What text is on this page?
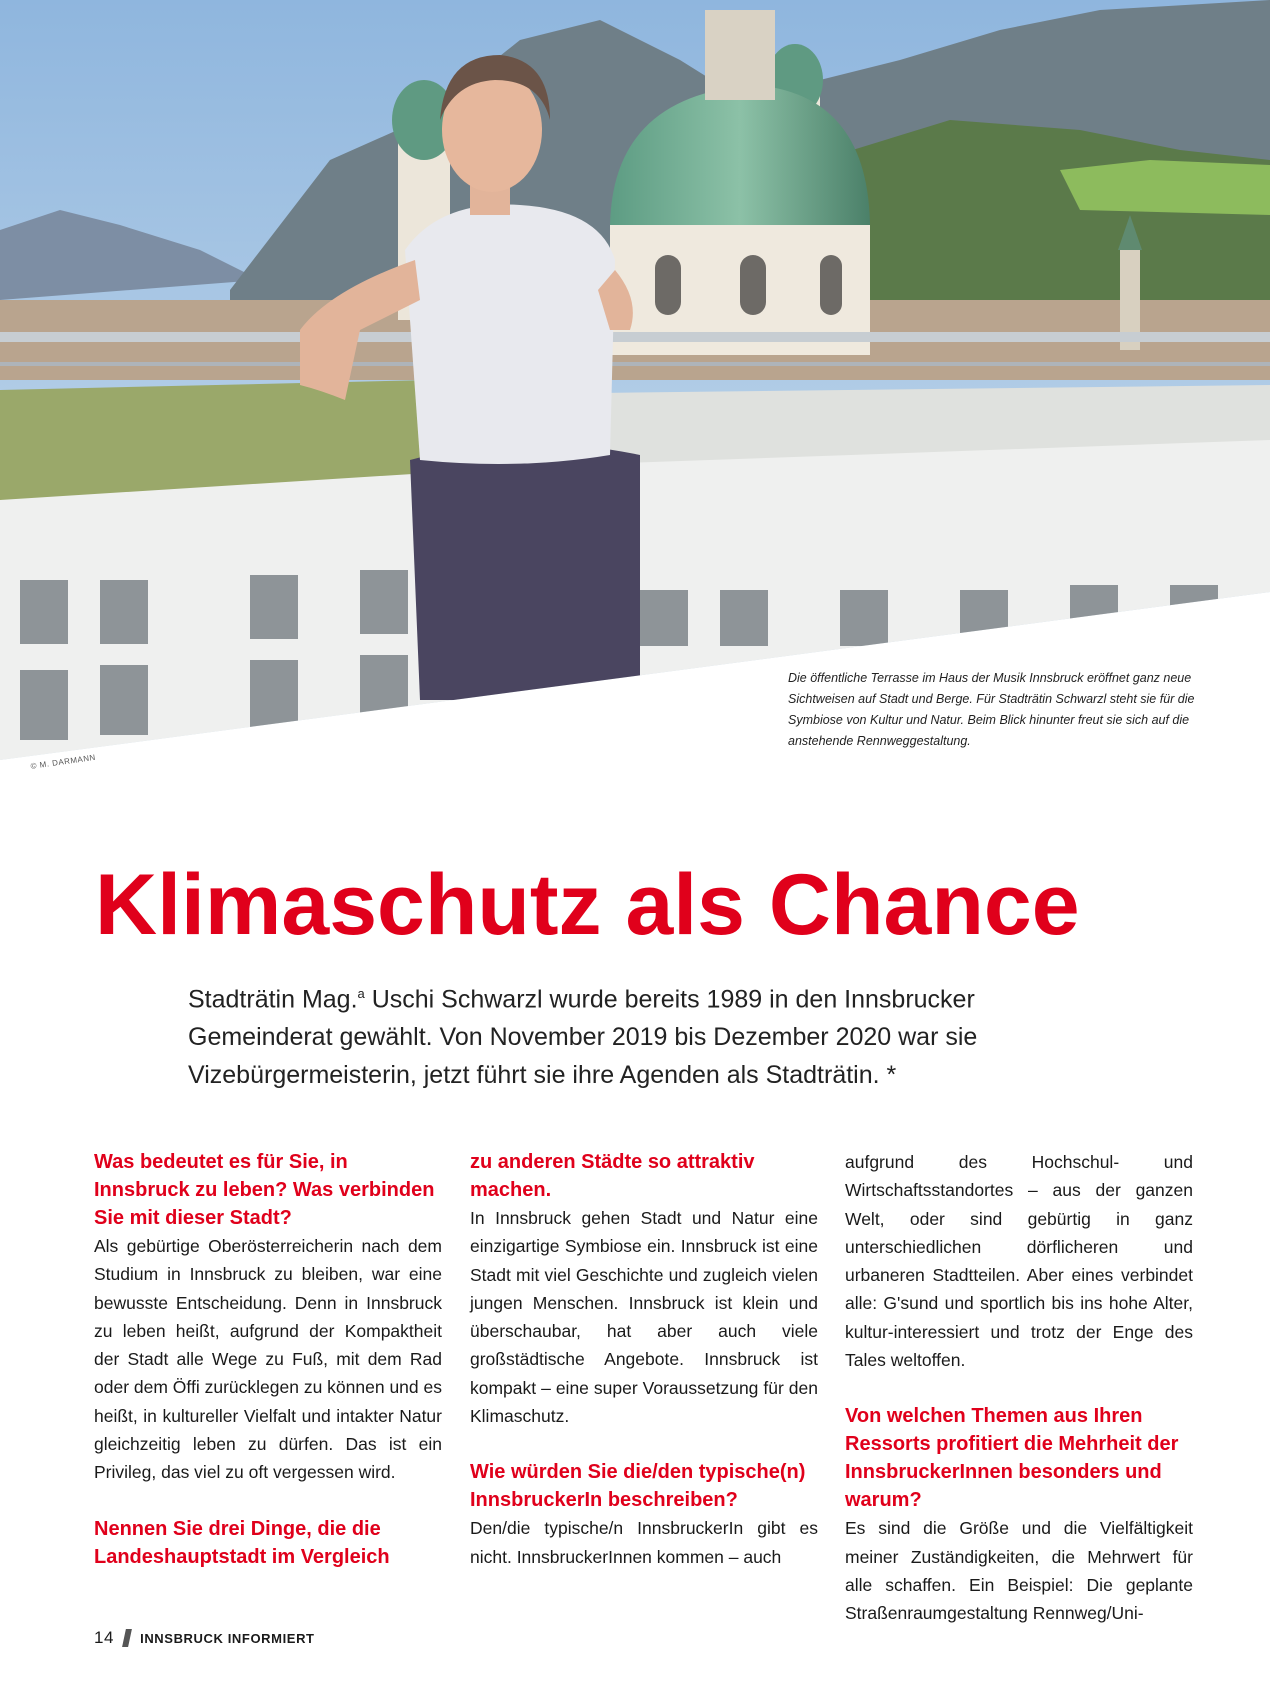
© M. DARMANN
Die öffentliche Terrasse im Haus der Musik Innsbruck eröffnet ganz neue Sichtweisen auf Stadt und Berge. Für Stadträtin Schwarzl steht sie für die Symbiose von Kultur und Natur. Beim Blick hinunter freut sie sich auf die anstehende Rennweggestaltung.
Klimaschutz als Chance

Stadträtin Mag.$^a$ Uschi Schwarzl wurde bereits 1989 in den Innsbrucker Gemeinderat gewählt. Von November 2019 bis Dezember 2020 war sie Vizebürgermeisterin, jetzt führt sie ihre Agenden als Stadträtin. *

Was bedeutet es für Sie, in Innsbruck zu leben? Was verbinden Sie mit dieser Stadt?

Als gebürtige Oberösterreicherin nach dem Studium in Innsbruck zu bleiben, war eine bewusste Entscheidung. Denn in Innsbruck zu leben heißt, aufgrund der Kompaktheit der Stadt alle Wege zu Fuß, mit dem Rad oder dem Öffi zurücklegen zu können und es heißt, in kultureller Vielfalt und intakter Natur gleichzeitig leben zu dürfen. Das ist ein Privileg, das viel zu oft vergessen wird.

Nennen Sie drei Dinge, die die Landeshauptstadt im Vergleich

zu anderen Städte so attraktiv machen.

In Innsbruck gehen Stadt und Natur eine einzigartige Symbiose ein. Innsbruck ist eine Stadt mit viel Geschichte und zugleich vielen jungen Menschen. Innsbruck ist klein und überschaubar, hat aber auch viele großstädtische Angebote. Innsbruck ist kompakt – eine super Voraussetzung für den Klimaschutz.

Wie würden Sie die/den typische(n) InnsbruckerIn beschreiben?

Den/die typische/n InnsbruckerIn gibt es nicht. InnsbruckerInnen kommen – auch

aufgrund des Hochschul- und Wirtschaftsstandortes – aus der ganzen Welt, oder sind gebürtig in ganz unterschiedlichen dörflicheren und urbaneren Stadtteilen. Aber eines verbindet alle: G'sund und sportlich bis ins hohe Alter, kultur-interessiert und trotz der Enge des Tales weltoffen.

Von welchen Themen aus Ihren Ressorts profitiert die Mehrheit der InnsbruckerInnen besonders und warum?

Es sind die Größe und die Vielfältigkeit meiner Zuständigkeiten, die Mehrwert für alle schaffen. Ein Beispiel: Die geplante Straßenraumgestaltung Rennweg/Uni-

14 INNSBRUCK INFORMIERT
